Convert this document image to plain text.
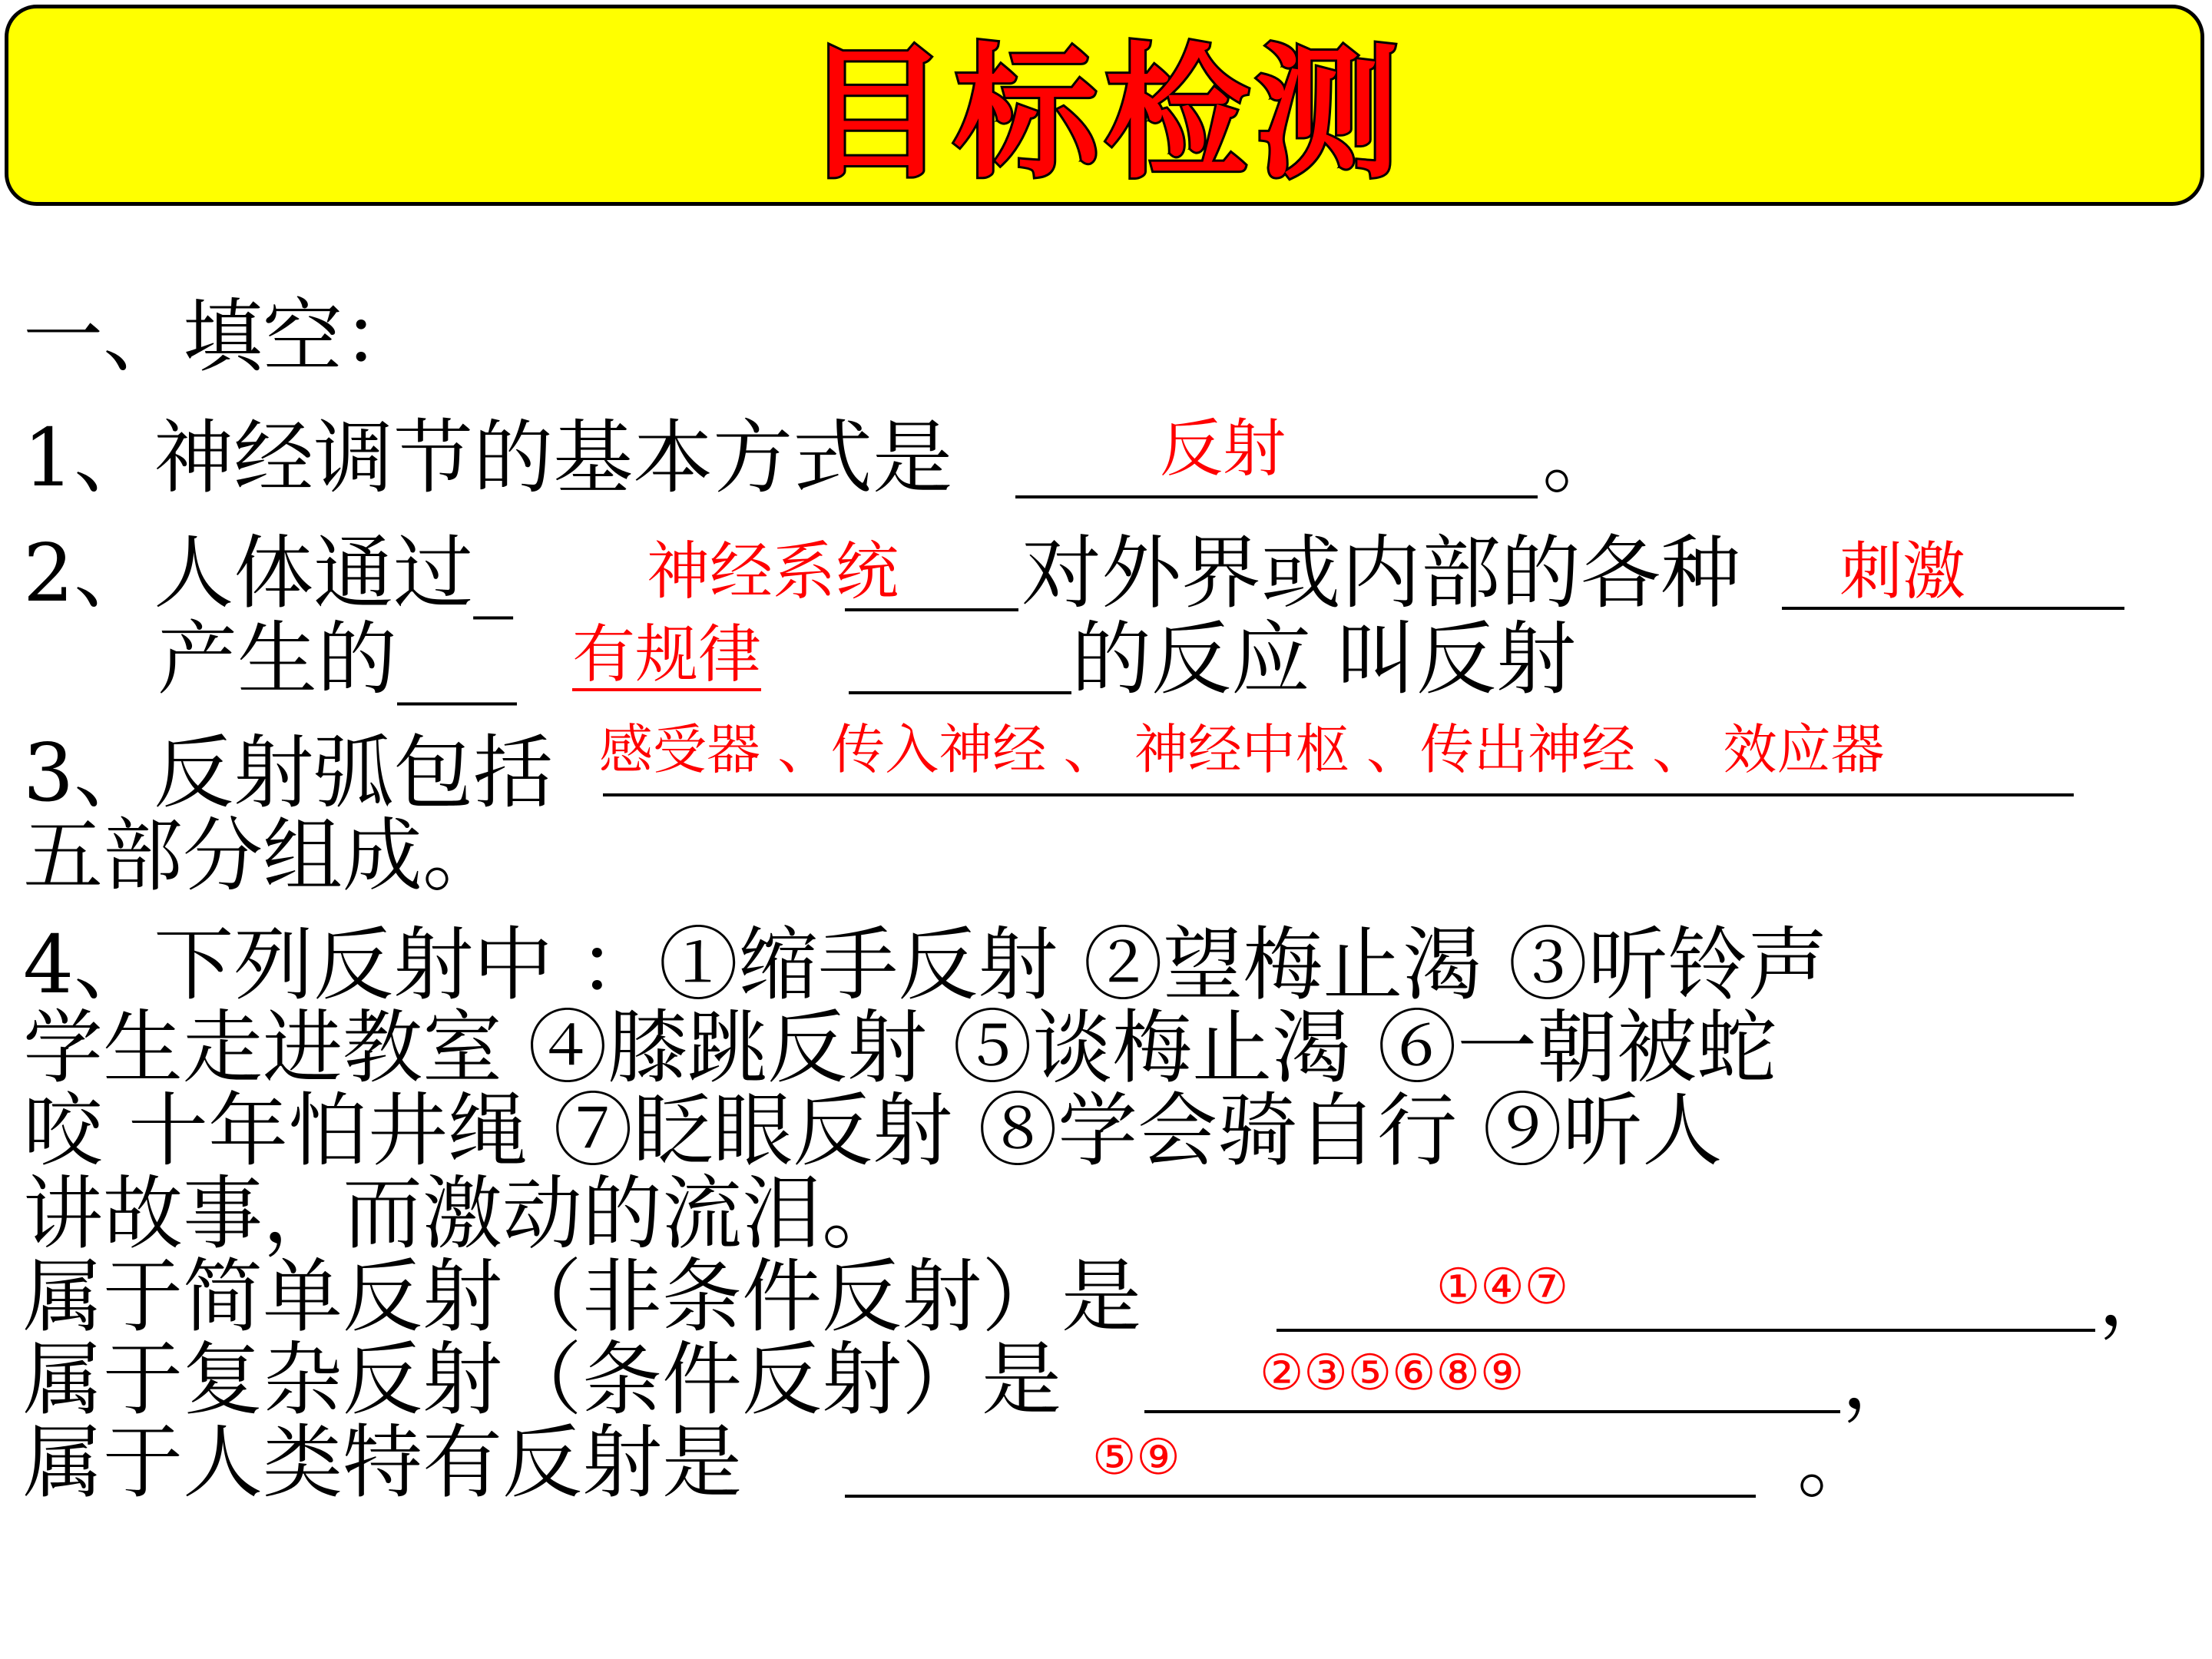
目标检测
一、填空：
1、神经调节的基本方式是	反射	。
2、人体通过_ 神经系统 对外界或内部的各种 刺激
产生的___ 有规律	的反应 叫反射
3、反射弧包括 感受器 、传入神经 、 神经中枢 、传出神经 、 效应器
五部分组成。
4、下列反射中 ：①缩手反射 ②望梅止渴 ③听铃声
学生走进教室 ④膝跳反射 ⑤谈梅止渴 ⑥一朝被蛇
咬 十年怕井绳 ⑦眨眼反射 ⑧学会骑自行 ⑨听人
讲故事，而激动的流泪。
属于简单反射（非条件反射）是	①④⑦	，
属于复杂反射（条件反射）是	②③⑤⑥⑧⑨	，
属于人类特有反射是	⑤⑨	。
